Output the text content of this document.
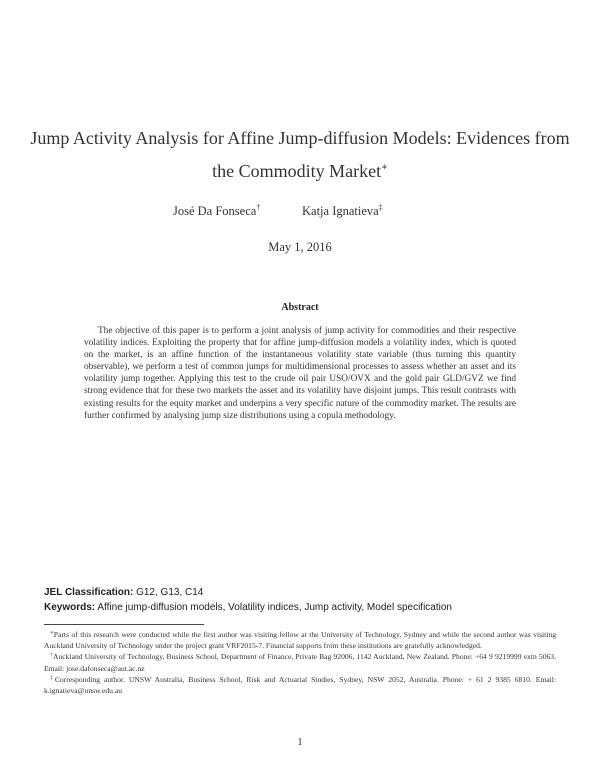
Jump Activity Analysis for Affine Jump-diffusion Models: Evidences from the Commodity Market∗
José Da Fonseca†	Katja Ignatieva‡
May 1, 2016
Abstract

The objective of this paper is to perform a joint analysis of jump activity for commodities and their respective volatility indices. Exploiting the property that for affine jump-diffusion models a volatility index, which is quoted on the market, is an affine function of the instantaneous volatility state variable (thus turning this quantity observable), we perform a test of common jumps for multidimensional processes to assess whether an asset and its volatility jump together. Applying this test to the crude oil pair USO/OVX and the gold pair GLD/GVZ we find strong evidence that for these two markets the asset and its volatility have disjoint jumps. This result contrasts with existing results for the equity market and underpins a very specific nature of the commodity market. The results are further confirmed by analysing jump size distributions using a copula methodology.

JEL Classification: G12, G13, C14
Keywords: Affine jump-diffusion models, Volatility indices, Jump activity, Model specification

∗Parts of this research were conducted while the first author was visiting fellow at the University of Technology, Sydney and while the second author was visiting Auckland University of Technology under the project grant VRF2015-7. Financial supports from these institutions are gratefully acknowledged.

†Auckland University of Technology, Business School, Department of Finance, Private Bag 92006, 1142 Auckland, New Zealand. Phone: +64 9 9219999 extn 5063. Email: jose.dafonseca@aut.ac.nz

‡Corresponding author. UNSW Australia, Business School, Risk and Actuarial Studies, Sydney, NSW 2052, Australia. Phone: + 61 2 9385 6810. Email: k.ignatieva@unsw.edu.au

1
